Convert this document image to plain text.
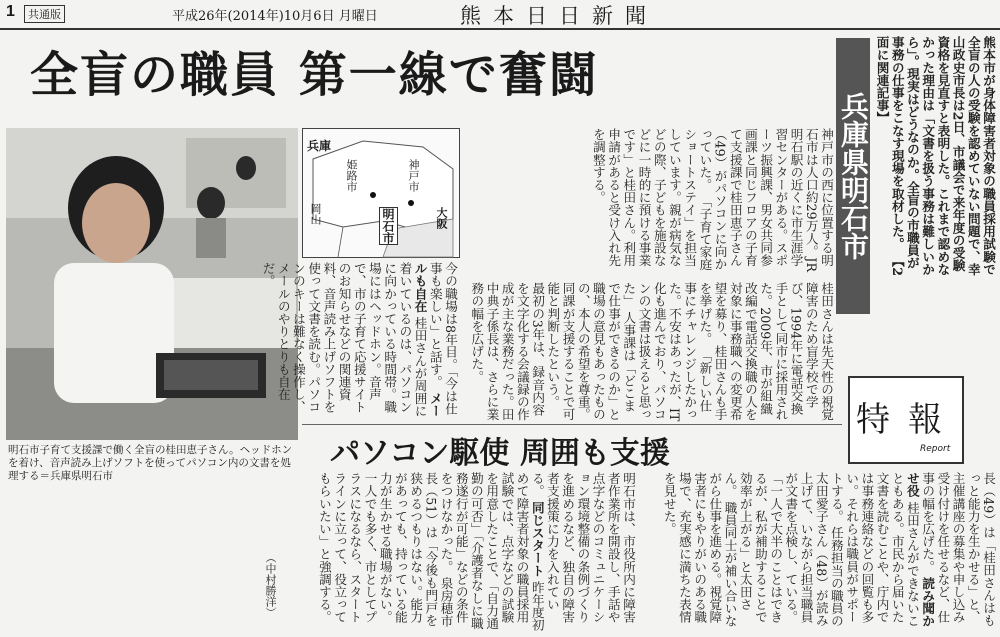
1	共通版	平成26年(2014年)10月6日 月曜日	熊本日日新聞
全盲の職員 第一線で奮闘
明石市子育て支援課で働く全盲の桂田恵子さん。ヘッドホンを着け、音声読み上げソフトを使ってパソコン内の文書を処理する＝兵庫県明石市
兵庫
姫路市	神戸市
岡山	大阪
明石市	兵庫県明石市	熊本市が身体障害者対象の職員採用試験で全盲の人の受験を認めていない問題で、幸山政史市長は2日、市議会で来年度の受験資格を見直すと表明した。これまで認めなかった理由は「文書を扱う事務は難しいから」。現実はどうなのか。全盲の市職員が事務の仕事をこなす現場を取材した。 【2面に関連記事】
特 報
Report
神戸市の西に位置する明石市は人口約29万人。JR明石駅の近くに市生涯学習センターがある。スポーツ振興課、男女共同参画課と同じフロアの子育て支援課で桂田恵子さん（49）がパソコンに向かっていた。 「子育て家庭ショートステイ」を担当しています。親が病気などの際、子どもを施設などに一時的に預ける事業です」と桂田さん。利用申請があると受け入れ先を調整する。
桂田さんは先天性の視覚障害のため盲学校で学び、1994年に電話交換手として同市に採用された。2009年、市が組織改編で電話交換職の人を対象に事務職への変更希望を募り、桂田さんも手を挙げた。 「新しい仕事にチャレンジしたかった。不安はあったが、IT化も進んでおり、パソコンの文書は扱えると思った」 人事課は「どこまで仕事ができるのか」と職場の意見もあったものの、本人の希望を尊重。同課が支援することで可能と判断したという。 最初の3年は、録音内容を文字化する会議録の作成が主な業務だった。田中典子係長は、さらに業務の幅を広げた。
今の職場は8年目。「今は仕事も楽しい」と話す。 メールも自在 桂田さんが周囲に着いているのは、パソコンに向かっている時間帯。職場にはヘッドホン。音声で、市の子育て応援サイトのお知らせなどの関連資料、音声読み上げソフトを使って文書を読む。パソコンのキーは難なく操作し、メールのやりとりも自在だ。
パソコン駆使 周囲も支援
長（49）は「桂田さんはもっと能力を生かせる」と、主催講座の募集や申し込み受け付けを任せるなど、仕事の幅を広げた。 読み聞かせ役 桂田さんができないこともある。市民から届いた文書を読むことや、庁内では事務連絡などの回覧も多い。それらは職員がサポートする。 任務担当の職員の太田愛子さん（48）が読み上げて、いながら担当職員が文書を点検し、ている。「一人で大半のことはできるが、私が補助することで効率が上がる」と太田さん。 職員同士が補い合いながら仕事を進める。視覚障害者にもやりがいのある職場で、充実感に満ちた表情を見せた。
明石市は、市役所内に障害者作業所を開設し、手話や点字などのコミュニケーション環境整備の条例づくりを進めるなど、独自の障害者支援策に力を入れている。 同じスタート 昨年度初めて障害者対象の職員採用試験では、点字などの試験を用意したことで、「自力通勤の可否」「介護者なしに職務遂行が可能」などの条件をつけなかった。 泉房穂市長（51）は「今後も門戸を狭めるつもりはない。能力があっても、持っている能力が生かせる職場がない。一人でも多く、市としてプラスになるなら、スタートラインに立って、役立ってもらいたい」と強調する。
（中村勝洋）
